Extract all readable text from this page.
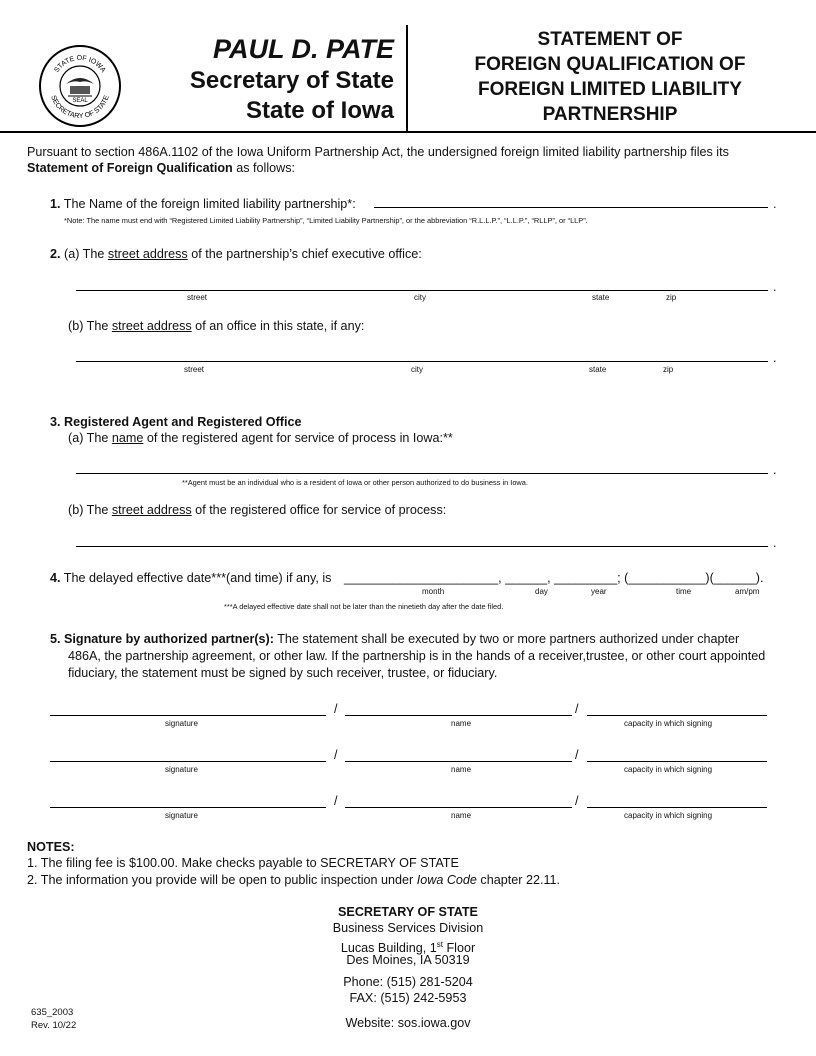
STATE OF IOWA
SECRETARY OF STATE
SEAL
PAUL D. PATE
Secretary of State
State of Iowa
STATEMENT OF
FOREIGN QUALIFICATION OF
FOREIGN LIMITED LIABILITY
PARTNERSHIP
Pursuant to section 486A.1102 of the Iowa Uniform Partnership Act, the undersigned foreign limited liability partnership files its
Statement of Foreign Qualification as follows:
1. The Name of the foreign limited liability partnership*:	.
*Note: The name must end with “Registered Limited Liability Partnership”, “Limited Liability Partnership”, or the abbreviation “R.L.L.P.”, “L.L.P.”, “RLLP”, or “LLP”.
2. (a) The street address of the partnership’s chief executive office:
.
street	city	state	zip
(b) The street address of an office in this state, if any:
.
street	city	state	zip
3. Registered Agent and Registered Office
(a) The name of the registered agent for service of process in Iowa:**
.
**Agent must be an individual who is a resident of Iowa or other person authorized to do business in Iowa.
(b) The street address of the registered office for service of process:
.
4. The delayed effective date***(and time) if any, is ______________________, ______, _________; (___________)(______).
month	day	year	time	am/pm
***A delayed effective date shall not be later than the ninetieth day after the date filed.
5. Signature by authorized partner(s): The statement shall be executed by two or more partners authorized under chapter
486A, the partnership agreement, or other law. If the partnership is in the hands of a receiver,trustee, or other court appointed
fiduciary, the statement must be signed by such receiver, trustee, or fiduciary.
/	/
signature	name	capacity in which signing
/	/
signature	name	capacity in which signing
/	/
signature	name	capacity in which signing
NOTES:
1. The filing fee is $100.00. Make checks payable to SECRETARY OF STATE
2. The information you provide will be open to public inspection under Iowa Code chapter 22.11.
SECRETARY OF STATE
Business Services Division
Lucas Building, 1st Floor
Des Moines, IA 50319
Phone: (515) 281-5204
FAX: (515) 242-5953
Website: sos.iowa.gov
635_2003
Rev. 10/22
